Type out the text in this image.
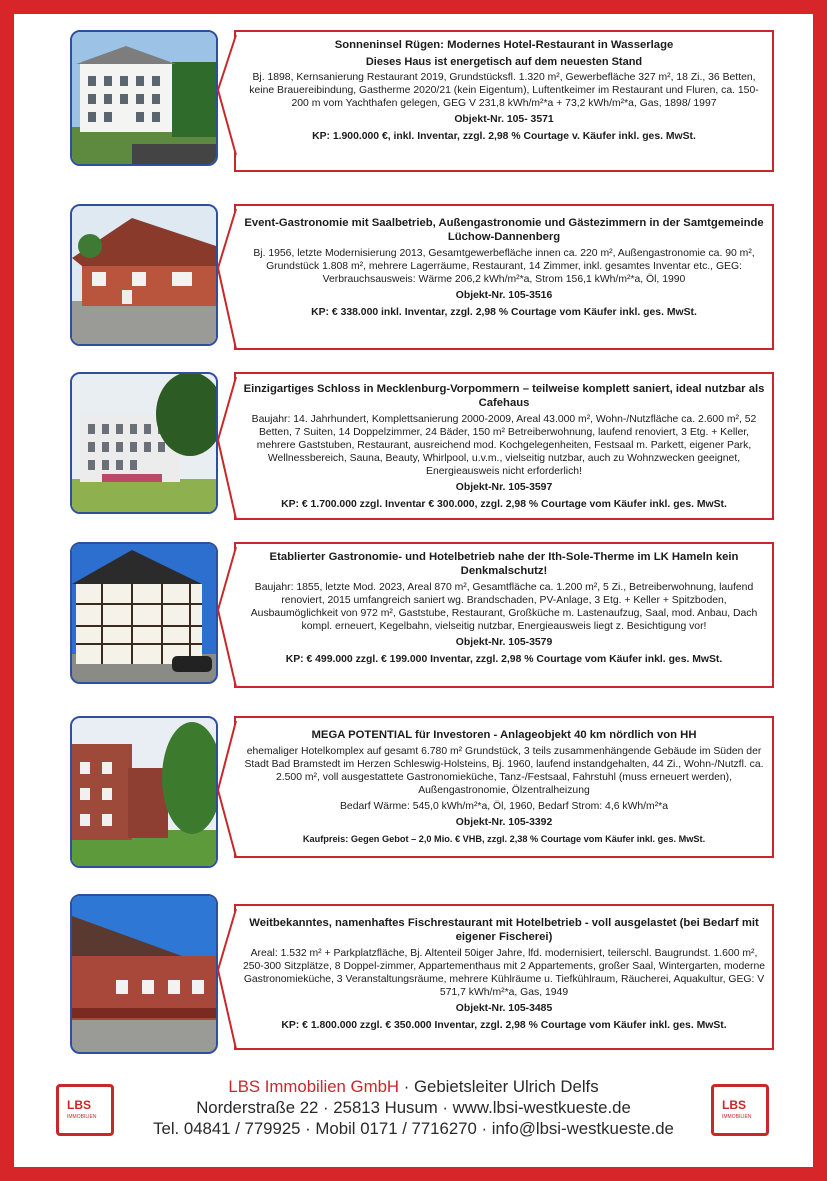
Sonneninsel Rügen: Modernes Hotel-Restaurant in Wasserlage
Dieses Haus ist energetisch auf dem neuesten Stand
Bj. 1898, Kernsanierung Restaurant 2019, Grundstücksfl. 1.320 m², Gewerbefläche 327 m², 18 Zi., 36 Betten, keine Brauereibindung, Gastherme 2020/21 (kein Eigentum), Luftentkeimer im Restaurant und Fluren, ca. 150-200 m vom Yachthafen gelegen, GEG V 231,8 kWh/m²*a + 73,2 kWh/m²*a, Gas, 1898/ 1997
Objekt-Nr. 105- 3571
KP: 1.900.000 €, inkl. Inventar, zzgl. 2,98 % Courtage v. Käufer inkl. ges. MwSt.
Event-Gastronomie mit Saalbetrieb, Außengastronomie und Gästezimmern in der Samtgemeinde Lüchow-Dannenberg
Bj. 1956, letzte Modernisierung 2013, Gesamtgewerbefläche innen ca. 220 m², Außengastronomie ca. 90 m², Grundstück 1.808 m², mehrere Lagerräume, Restaurant, 14 Zimmer, inkl. gesamtes Inventar etc., GEG: Verbrauchsausweis: Wärme 206,2 kWh/m²*a, Strom 156,1 kWh/m²*a, Öl, 1990
Objekt-Nr. 105-3516
KP: € 338.000 inkl. Inventar, zzgl. 2,98 % Courtage vom Käufer inkl. ges. MwSt.
Einzigartiges Schloss in Mecklenburg-Vorpommern – teilweise komplett saniert, ideal nutzbar als Cafehaus
Baujahr: 14. Jahrhundert, Komplettsanierung 2000-2009, Areal 43.000 m², Wohn-/Nutzfläche ca. 2.600 m², 52 Betten, 7 Suiten, 14 Doppelzimmer, 24 Bäder, 150 m² Betreiberwohnung, laufend renoviert, 3 Etg. + Keller, mehrere Gaststuben, Restaurant, ausreichend mod. Kochgelegenheiten, Festsaal m. Parkett, eigener Park, Wellnessbereich, Sauna, Beauty, Whirlpool, u.v.m., vielseitig nutzbar, auch zu Wohnzwecken geeignet, Energieausweis nicht erforderlich!
Objekt-Nr. 105-3597
KP: € 1.700.000 zzgl. Inventar € 300.000, zzgl. 2,98 % Courtage vom Käufer inkl. ges. MwSt.
Etablierter Gastronomie- und Hotelbetrieb nahe der Ith-Sole-Therme im LK Hameln kein Denkmalschutz!
Baujahr: 1855, letzte Mod. 2023, Areal 870 m², Gesamtfläche ca. 1.200 m², 5 Zi., Betreiberwohnung, laufend renoviert, 2015 umfangreich saniert wg. Brandschaden, PV-Anlage, 3 Etg. + Keller + Spitzboden, Ausbaumöglichkeit von 972 m², Gaststube, Restaurant, Großküche m. Lastenaufzug, Saal, mod. Anbau, Dach kompl. erneuert, Kegelbahn, vielseitig nutzbar, Energieausweis liegt z. Besichtigung vor!
Objekt-Nr. 105-3579
KP: € 499.000 zzgl. € 199.000 Inventar, zzgl. 2,98 % Courtage vom Käufer inkl. ges. MwSt.
MEGA POTENTIAL für Investoren - Anlageobjekt 40 km nördlich von HH
ehemaliger Hotelkomplex auf gesamt 6.780 m² Grundstück, 3 teils zusammenhängende Gebäude im Süden der Stadt Bad Bramstedt im Herzen Schleswig-Holsteins, Bj. 1960, laufend instandgehalten, 44 Zi., Wohn-/Nutzfl. ca. 2.500 m², voll ausgestattete Gastronomieküche, Tanz-/Festsaal, Fahrstuhl (muss erneuert werden), Außengastronomie, Ölzentralheizung
Bedarf Wärme: 545,0 kWh/m²*a, Öl, 1960, Bedarf Strom: 4,6 kWh/m²*a
Objekt-Nr. 105-3392
Kaufpreis: Gegen Gebot – 2,0 Mio. € VHB, zzgl. 2,38 % Courtage vom Käufer inkl. ges. MwSt.
Weitbekanntes, namenhaftes Fischrestaurant mit Hotelbetrieb - voll ausgelastet (bei Bedarf mit eigener Fischerei)
Areal: 1.532 m² + Parkplatzfläche, Bj. Altenteil 50iger Jahre, lfd. modernisiert, teilerschl. Baugrundst. 1.600 m², 250-300 Sitzplätze, 8 Doppel-zimmer, Appartementhaus mit 2 Appartements, großer Saal, Wintergarten, moderne Gastronomieküche, 3 Veranstaltungsräume, mehrere Kühlräume u. Tiefkühlraum, Räucherei, Aquakultur, GEG: V 571,7 kWh/m²*a, Gas, 1949
Objekt-Nr. 105-3485
KP: € 1.800.000 zzgl. € 350.000 Inventar, zzgl. 2,98 % Courtage vom Käufer inkl. ges. MwSt.
LBS
IMMOBILIEN
LBS
IMMOBILIEN
LBS Immobilien GmbH · Gebietsleiter Ulrich Delfs
Norderstraße 22 · 25813 Husum · www.lbsi-westkueste.de
Tel. 04841 / 779925 · Mobil 0171 / 7716270 · info@lbsi-westkueste.de
